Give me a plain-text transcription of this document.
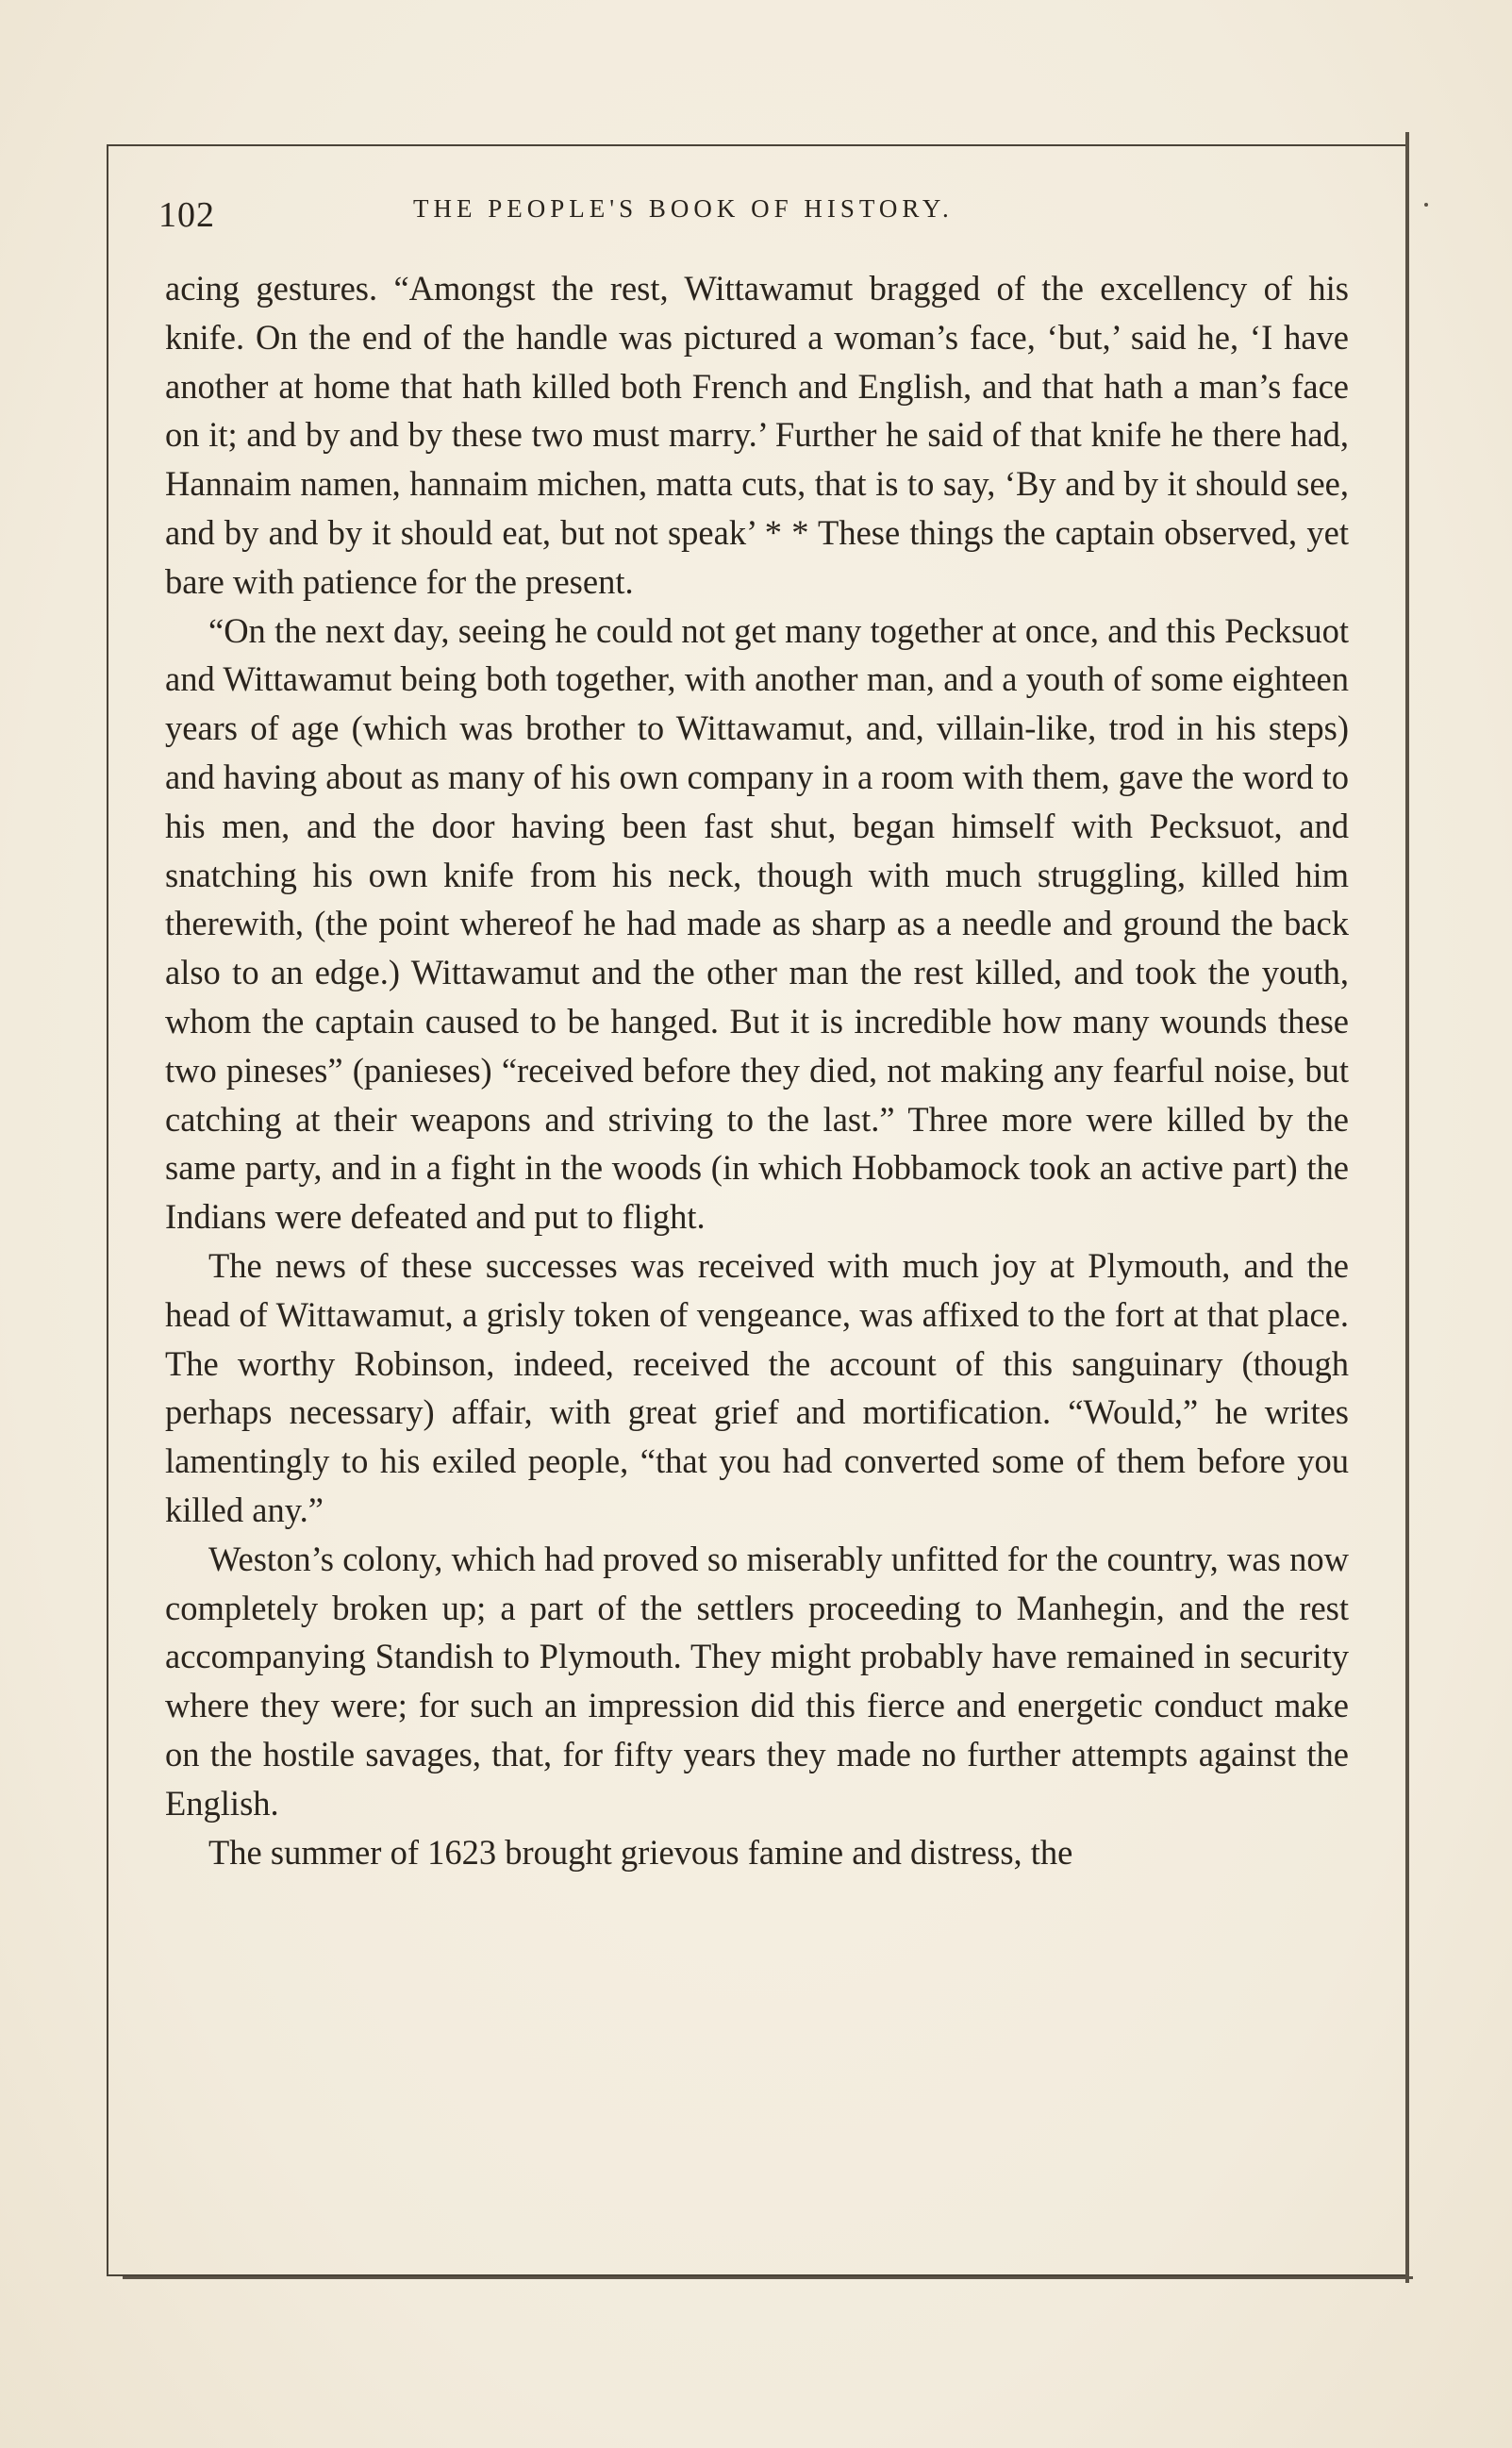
102	THE PEOPLE'S BOOK OF HISTORY.

acing gestures. “Amongst the rest, Wittawamut bragged of the excellency of his knife. On the end of the handle was pictured a woman’s face, ‘but,’ said he, ‘I have another at home that hath killed both French and English, and that hath a man’s face on it; and by and by these two must marry.’ Further he said of that knife he there had, Hannaim namen, hannaim michen, matta cuts, that is to say, ‘By and by it should see, and by and by it should eat, but not speak’ * * These things the captain observed, yet bare with patience for the present.

“On the next day, seeing he could not get many together at once, and this Pecksuot and Wittawamut being both together, with another man, and a youth of some eighteen years of age (which was brother to Wittawamut, and, villain-like, trod in his steps) and having about as many of his own company in a room with them, gave the word to his men, and the door having been fast shut, began himself with Pecksuot, and snatching his own knife from his neck, though with much struggling, killed him therewith, (the point whereof he had made as sharp as a needle and ground the back also to an edge.) Wittawamut and the other man the rest killed, and took the youth, whom the captain caused to be hanged. But it is incredible how many wounds these two pineses” (panieses) “received before they died, not making any fearful noise, but catching at their weapons and striving to the last.” Three more were killed by the same party, and in a fight in the woods (in which Hobbamock took an active part) the Indians were defeated and put to flight.

The news of these successes was received with much joy at Plymouth, and the head of Wittawamut, a grisly token of vengeance, was affixed to the fort at that place. The worthy Robinson, indeed, received the account of this sanguinary (though perhaps necessary) affair, with great grief and mortification. “Would,” he writes lamentingly to his exiled people, “that you had converted some of them before you killed any.”

Weston’s colony, which had proved so miserably unfitted for the country, was now completely broken up; a part of the settlers proceeding to Manhegin, and the rest accompanying Standish to Plymouth. They might probably have remained in security where they were; for such an impression did this fierce and energetic conduct make on the hostile savages, that, for fifty years they made no further attempts against the English.

The summer of 1623 brought grievous famine and distress, the
